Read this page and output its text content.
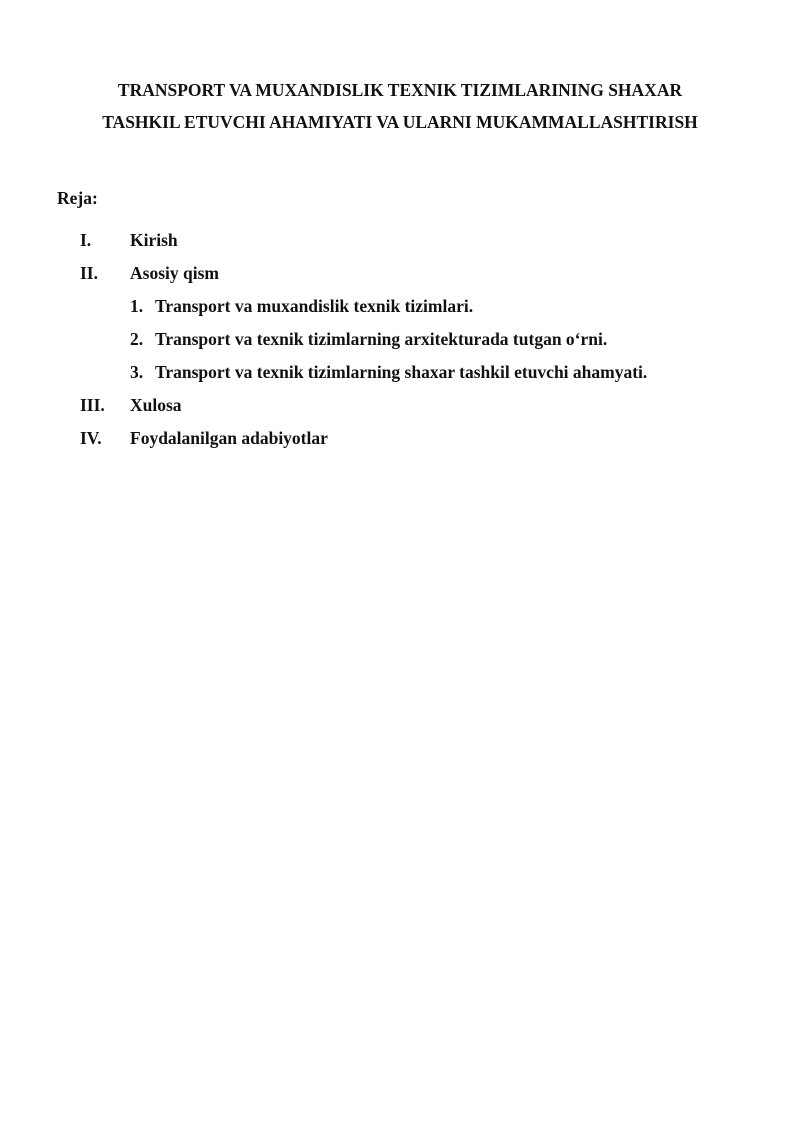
TRANSPORT VA MUXANDISLIK TEXNIK TIZIMLARINING SHAXAR
TASHKIL ETUVCHI AHAMIYATI VA ULARNI MUKAMMALLASHTIRISH
Reja:
I. Kirish
II. Asosiy qism
1. Transport va muxandislik texnik tizimlari.
2. Transport va texnik tizimlarning arxitekturada tutgan o‘rni.
3. Transport va texnik tizimlarning shaxar tashkil etuvchi ahamyati.
III. Xulosa
IV. Foydalanilgan adabiyotlar
